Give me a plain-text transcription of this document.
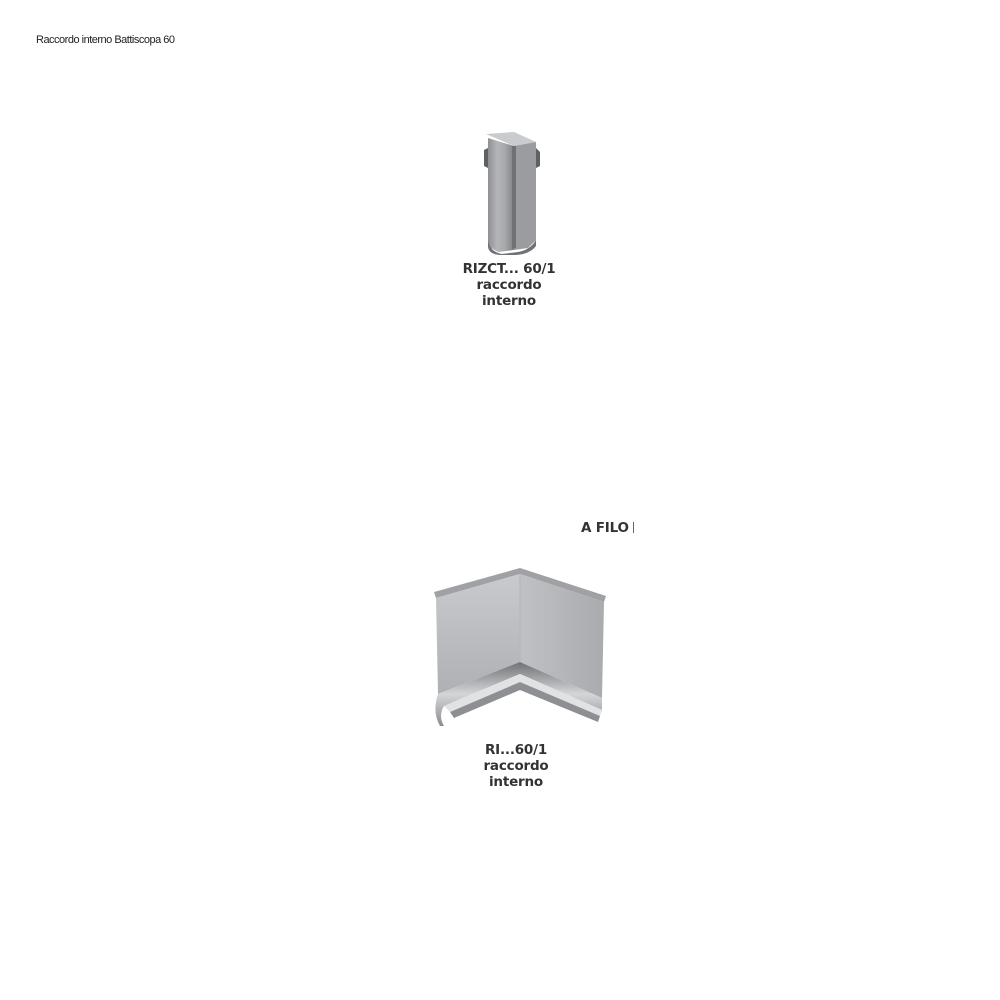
Raccordo interno Battiscopa 60
RIZCT... 60/1
raccordo
interno
A FILO
RI...60/1
raccordo
interno
